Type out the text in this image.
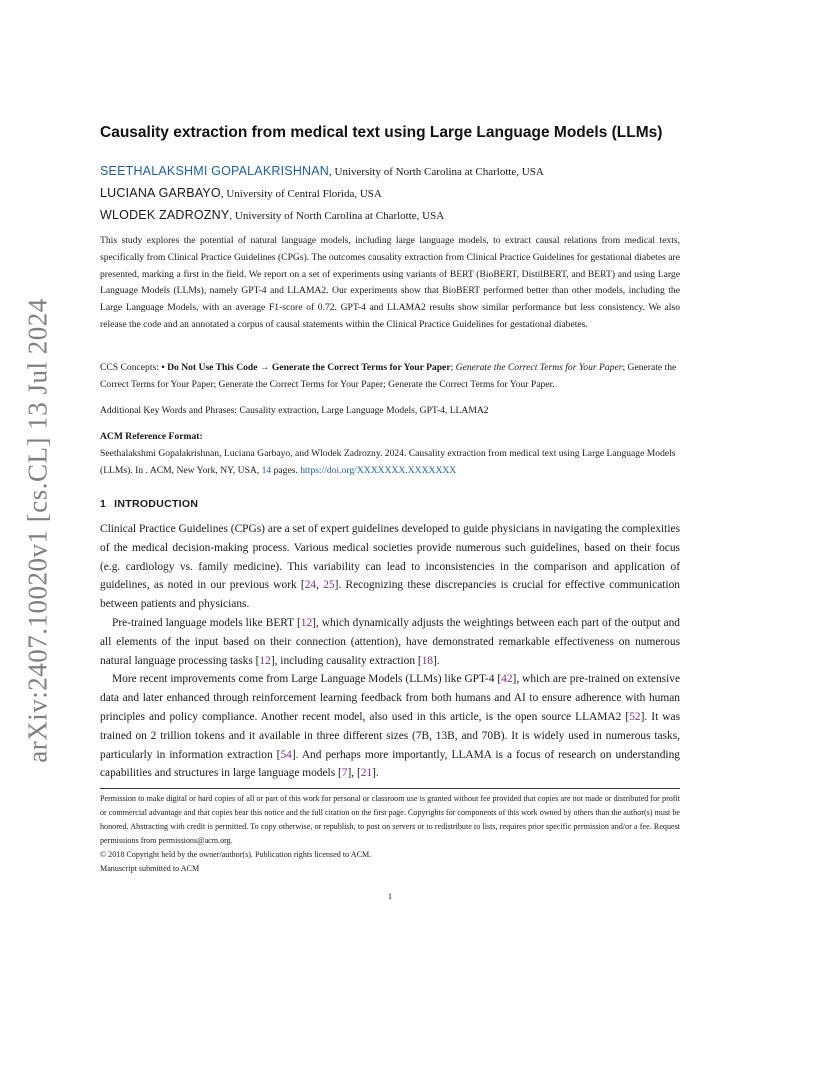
arXiv:2407.10020v1 [cs.CL] 13 Jul 2024
Causality extraction from medical text using Large Language Models (LLMs)
SEETHALAKSHMI GOPALAKRISHNAN, University of North Carolina at Charlotte, USA
LUCIANA GARBAYO, University of Central Florida, USA
WLODEK ZADROZNY, University of North Carolina at Charlotte, USA

This study explores the potential of natural language models, including large language models, to extract causal relations from medical texts, specifically from Clinical Practice Guidelines (CPGs). The outcomes causality extraction from Clinical Practice Guidelines for gestational diabetes are presented, marking a first in the field. We report on a set of experiments using variants of BERT (BioBERT, DistilBERT, and BERT) and using Large Language Models (LLMs), namely GPT-4 and LLAMA2. Our experiments show that BioBERT performed better than other models, including the Large Language Models, with an average F1-score of 0.72. GPT-4 and LLAMA2 results show similar performance but less consistency. We also release the code and an annotated a corpus of causal statements within the Clinical Practice Guidelines for gestational diabetes.

CCS Concepts: • Do Not Use This Code → Generate the Correct Terms for Your Paper; Generate the Correct Terms for Your Paper; Generate the Correct Terms for Your Paper; Generate the Correct Terms for Your Paper; Generate the Correct Terms for Your Paper.

Additional Key Words and Phrases: Causality extraction, Large Language Models, GPT-4, LLAMA2

ACM Reference Format:
Seethalakshmi Gopalakrishnan, Luciana Garbayo, and Wlodek Zadrozny. 2024. Causality extraction from medical text using Large Language Models (LLMs). In . ACM, New York, NY, USA, 14 pages. https://doi.org/XXXXXXX.XXXXXXX

1 INTRODUCTION

Clinical Practice Guidelines (CPGs) are a set of expert guidelines developed to guide physicians in navigating the complexities of the medical decision-making process. Various medical societies provide numerous such guidelines, based on their focus (e.g. cardiology vs. family medicine). This variability can lead to inconsistencies in the comparison and application of guidelines, as noted in our previous work [24, 25]. Recognizing these discrepancies is crucial for effective communication between patients and physicians.

Pre-trained language models like BERT [12], which dynamically adjusts the weightings between each part of the output and all elements of the input based on their connection (attention), have demonstrated remarkable effectiveness on numerous natural language processing tasks [12], including causality extraction [18].

More recent improvements come from Large Language Models (LLMs) like GPT-4 [42], which are pre-trained on extensive data and later enhanced through reinforcement learning feedback from both humans and AI to ensure adherence with human principles and policy compliance. Another recent model, also used in this article, is the open source LLAMA2 [52]. It was trained on 2 trillion tokens and it available in three different sizes (7B, 13B, and 70B). It is widely used in numerous tasks, particularly in information extraction [54]. And perhaps more importantly, LLAMA is a focus of research on understanding capabilities and structures in large language models [7], [21].

Permission to make digital or hard copies of all or part of this work for personal or classroom use is granted without fee provided that copies are not made or distributed for profit or commercial advantage and that copies bear this notice and the full citation on the first page. Copyrights for components of this work owned by others than the author(s) must be honored. Abstracting with credit is permitted. To copy otherwise, or republish, to post on servers or to redistribute to lists, requires prior specific permission and/or a fee. Request permissions from permissions@acm.org.

© 2018 Copyright held by the owner/author(s). Publication rights licensed to ACM.

Manuscript submitted to ACM

1
